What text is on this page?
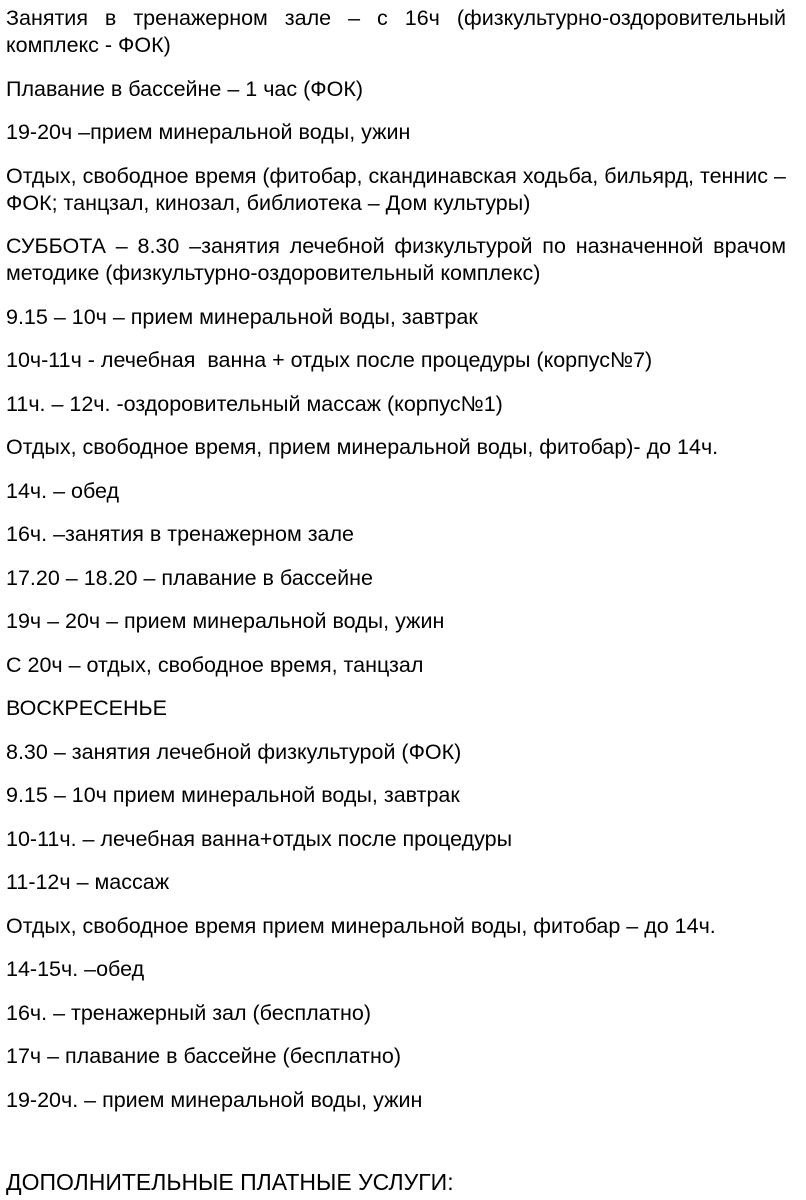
Занятия в тренажерном зале – с 16ч (физкультурно-оздоровительный комплекс - ФОК)

Плавание в бассейне – 1 час (ФОК)

19-20ч –прием минеральной воды, ужин

Отдых, свободное время (фитобар, скандинавская ходьба, бильярд, теннис – ФОК; танцзал, кинозал, библиотека – Дом культуры)

СУББОТА – 8.30 –занятия лечебной физкультурой по назначенной врачом методике (физкультурно-оздоровительный комплекс)

9.15 – 10ч – прием минеральной воды, завтрак

10ч-11ч - лечебная  ванна + отдых после процедуры (корпус№7)

11ч. – 12ч. -оздоровительный массаж (корпус№1)

Отдых, свободное время, прием минеральной воды, фитобар)- до 14ч.

14ч. – обед

16ч. –занятия в тренажерном зале

17.20 – 18.20 – плавание в бассейне

19ч – 20ч – прием минеральной воды, ужин

С 20ч – отдых, свободное время, танцзал

ВОСКРЕСЕНЬЕ

8.30 – занятия лечебной физкультурой (ФОК)

9.15 – 10ч прием минеральной воды, завтрак

10-11ч. – лечебная ванна+отдых после процедуры

11-12ч – массаж

Отдых, свободное время прием минеральной воды, фитобар – до 14ч.

14-15ч. –обед

16ч. – тренажерный зал (бесплатно)

17ч – плавание в бассейне (бесплатно)

19-20ч. – прием минеральной воды, ужин

ДОПОЛНИТЕЛЬНЫЕ ПЛАТНЫЕ УСЛУГИ:
